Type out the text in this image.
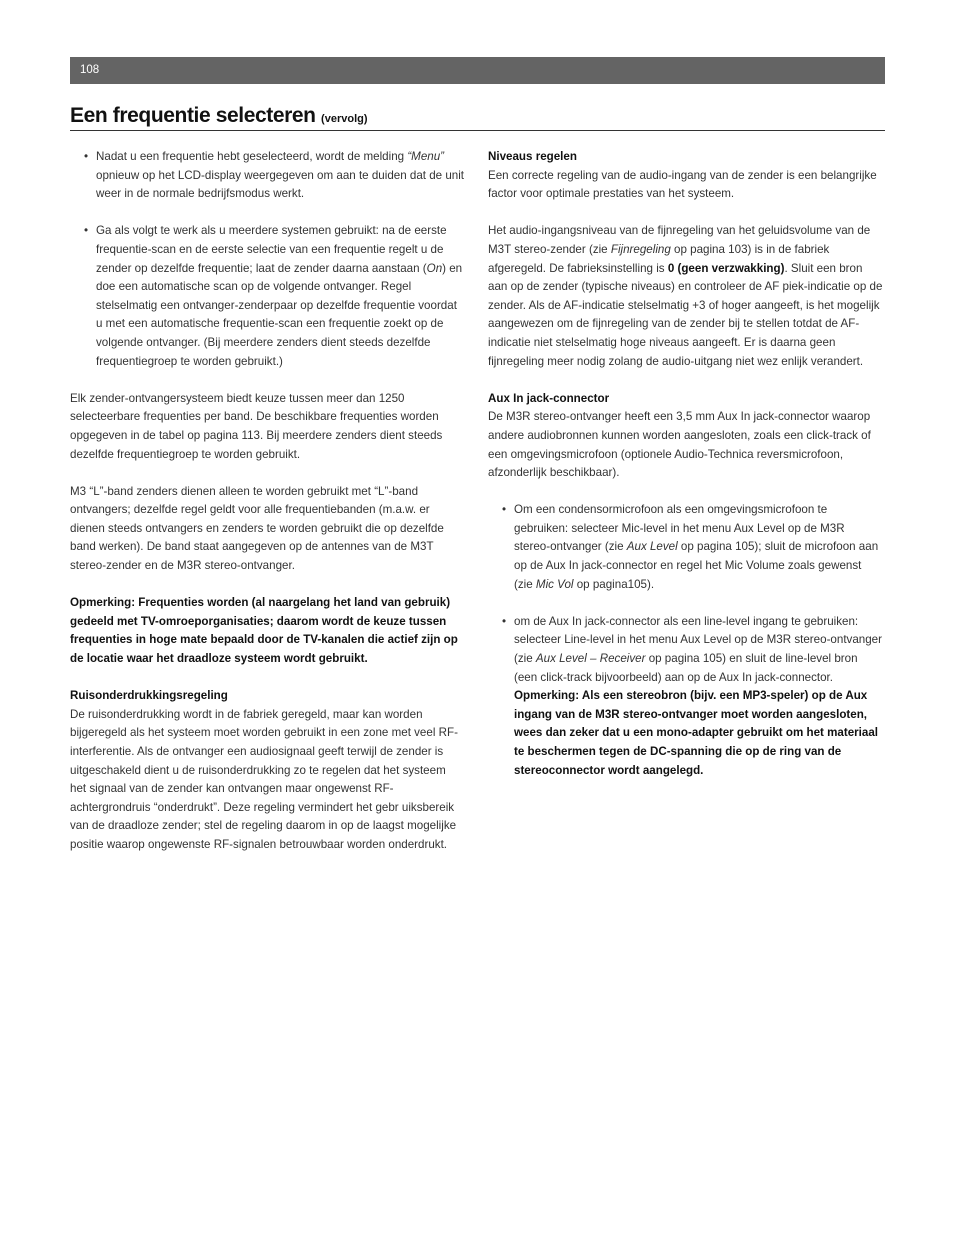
108
Een frequentie selecteren (vervolg)
• Nadat u een frequentie hebt geselecteerd, wordt de melding “Menu” opnieuw op het LCD-display weergegeven om aan te duiden dat de unit weer in de normale bedrijfsmodus werkt.
• Ga als volgt te werk als u meerdere systemen gebruikt: na de eerste frequentie-scan en de eerste selectie van een frequentie regelt u de zender op dezelfde frequentie; laat de zender daarna aanstaan (On) en doe een automatische scan op de volgende ontvanger. Regel stelselmatig een ontvanger-zenderpaar op dezelfde frequentie voordat u met een automatische frequentie-scan een frequentie zoekt op de volgende ontvanger. (Bij meerdere zenders dient steeds dezelfde frequentiegroep te worden gebruikt.)

Elk zender-ontvangersysteem biedt keuze tussen meer dan 1250 selecteerbare frequenties per band. De beschikbare frequenties worden opgegeven in de tabel op pagina 113. Bij meerdere zenders dient steeds dezelfde frequentiegroep te worden gebruikt.

M3 “L”-band zenders dienen alleen te worden gebruikt met “L”-band ontvangers; dezelfde regel geldt voor alle frequentiebanden (m.a.w. er dienen steeds ontvangers en zenders te worden gebruikt die op dezelfde band werken). De band staat aangegeven op de antennes van de M3T stereo-zender en de M3R stereo-ontvanger.

Opmerking: Frequenties worden (al naargelang het land van gebruik) gedeeld met TV-omroeporganisaties; daarom wordt de keuze tussen frequenties in hoge mate bepaald door de TV-kanalen die actief zijn op de locatie waar het draadloze systeem wordt gebruikt.

Ruisonderdrukkingsregeling
De ruisonderdrukking wordt in de fabriek geregeld, maar kan worden bijgeregeld als het systeem moet worden gebruikt in een zone met veel RF-interferentie. Als de ontvanger een audiosignaal geeft terwijl de zender is uitgeschakeld dient u de ruisonderdrukking zo te regelen dat het systeem het signaal van de zender kan ontvangen maar ongewenst RF-achtergrondruis “onderdrukt”. Deze regeling vermindert het gebr uiksbereik van de draadloze zender; stel de regeling daarom in op de laagst mogelijke positie waarop ongewenste RF-signalen betrouwbaar worden onderdrukt.

Niveaus regelen
Een correcte regeling van de audio-ingang van de zender is een belangrijke factor voor optimale prestaties van het systeem.

Het audio-ingangsniveau van de fijnregeling van het geluidsvolume van de M3T stereo-zender (zie Fijnregeling op pagina 103) is in de fabriek afgeregeld. De fabrieksinstelling is 0 (geen verzwakking). Sluit een bron aan op de zender (typische niveaus) en controleer de AF piek-indicatie op de zender. Als de AF-indicatie stelselmatig +3 of hoger aangeeft, is het mogelijk aangewezen om de fijnregeling van de zender bij te stellen totdat de AF-indicatie niet stelselmatig hoge niveaus aangeeft. Er is daarna geen fijnregeling meer nodig zolang de audio-uitgang niet wez enlijk verandert.

Aux In jack-connector
De M3R stereo-ontvanger heeft een 3,5 mm Aux In jack-connector waarop andere audiobronnen kunnen worden aangesloten, zoals een click-track of een omgevingsmicrofoon (optionele Audio-Technica reversmicrofoon, afzonderlijk beschikbaar).

• Om een condensormicrofoon als een omgevingsmicrofoon te gebruiken: selecteer Mic-level in het menu Aux Level op de M3R stereo-ontvanger (zie Aux Level op pagina 105); sluit de microfoon aan op de Aux In jack-connector en regel het Mic Volume zoals gewenst (zie Mic Vol op pagina105).
• om de Aux In jack-connector als een line-level ingang te gebruiken: selecteer Line-level in het menu Aux Level op de M3R stereo-ontvanger (zie Aux Level – Receiver op pagina 105) en sluit de line-level bron (een click-track bijvoorbeeld) aan op de Aux In jack-connector. Opmerking: Als een stereobron (bijv. een MP3-speler) op de Aux ingang van de M3R stereo-ontvanger moet worden aangesloten, wees dan zeker dat u een mono-adapter gebruikt om het materiaal te beschermen tegen de DC-spanning die op de ring van de stereoconnector wordt aangelegd.
